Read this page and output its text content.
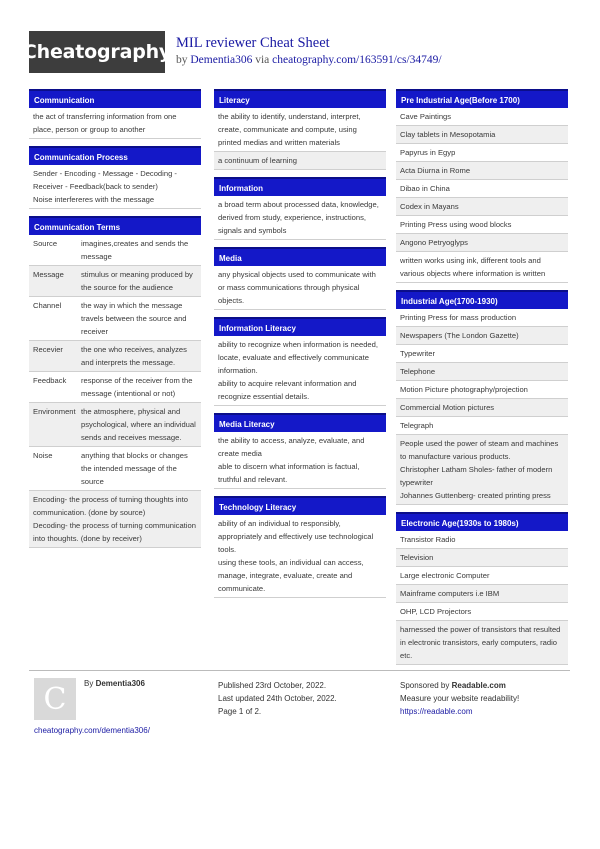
Cheatography MIL reviewer Cheat Sheet
by Dementia306 via cheatography.com/163591/cs/34749/
Communication
the act of transferring information from one place, person or group to another
Communication Process
Sender - Encoding - Message - Decoding - Receiver - Feedback(back to sender)
Noise interfereres with the message
Communication Terms
Source	imagines,creates and sends the message
Message	stimulus or meaning produced by the source for the audience
Channel	the way in which the message travels between the source and receiver
Recevier	the one who receives, analyzes and interprets the message.
Feedback	response of the receiver from the message (intentional or not)
Environment the atmosphere, physical and psychological, where an individual sends and receives message.
Noise	anything that blocks or changes the intended message of the source
Encoding- the process of turning thoughts into communication. (done by source)
Decoding- the process of turning communication into thoughts. (done by receiver)
Literacy
the ability to identify, understand, interpret, create, communicate and compute, using printed medias and written materials
a continuum of learning
Information
a broad term about processed data, knowledge, derived from study, experience, instructions, signals and symbols
Media
any physical objects used to communicate with or mass communications through physical objects.
Information Literacy
ability to recognize when information is needed, locate, evaluate and effectively communicate information.
ability to acquire relevant information and recognize essential details.
Media Literacy
the ability to access, analyze, evaluate, and create media
able to discern what information is factual, truthful and relevant.
Technology Literacy
ability of an individual to responsibly, appropriately and effectively use technological tools.
using these tools, an individual can access, manage, integrate, evaluate, create and communicate.
Pre Industrial Age(Before 1700)
Cave Paintings
Clay tablets in Mesopotamia
Papyrus in Egyp
Acta Diurna in Rome
Dibao in China
Codex in Mayans
Printing Press using wood blocks
Angono Petryoglyps
written works using ink, different tools and various objects where information is written
Industrial Age(1700-1930)
Printing Press for mass production
Newspapers (The London Gazette)
Typewriter
Telephone
Motion Picture photography/projection
Commercial Motion pictures
Telegraph
People used the power of steam and machines to manufacture various products.
Christopher Latham Sholes- father of modern typewriter
Johannes Guttenberg- created printing press
Electronic Age(1930s to 1980s)
Transistor Radio
Television
Large electronic Computer
Mainframe computers i.e IBM
OHP, LCD Projectors
harnessed the power of transistors that resulted in electronic transistors, early computers, radio etc.
C	By Dementia306
cheatography.com/dementia306/
Published 23rd October, 2022.
Last updated 24th October, 2022.
Page 1 of 2.
Sponsored by Readable.com
Measure your website readability!
https://readable.com
